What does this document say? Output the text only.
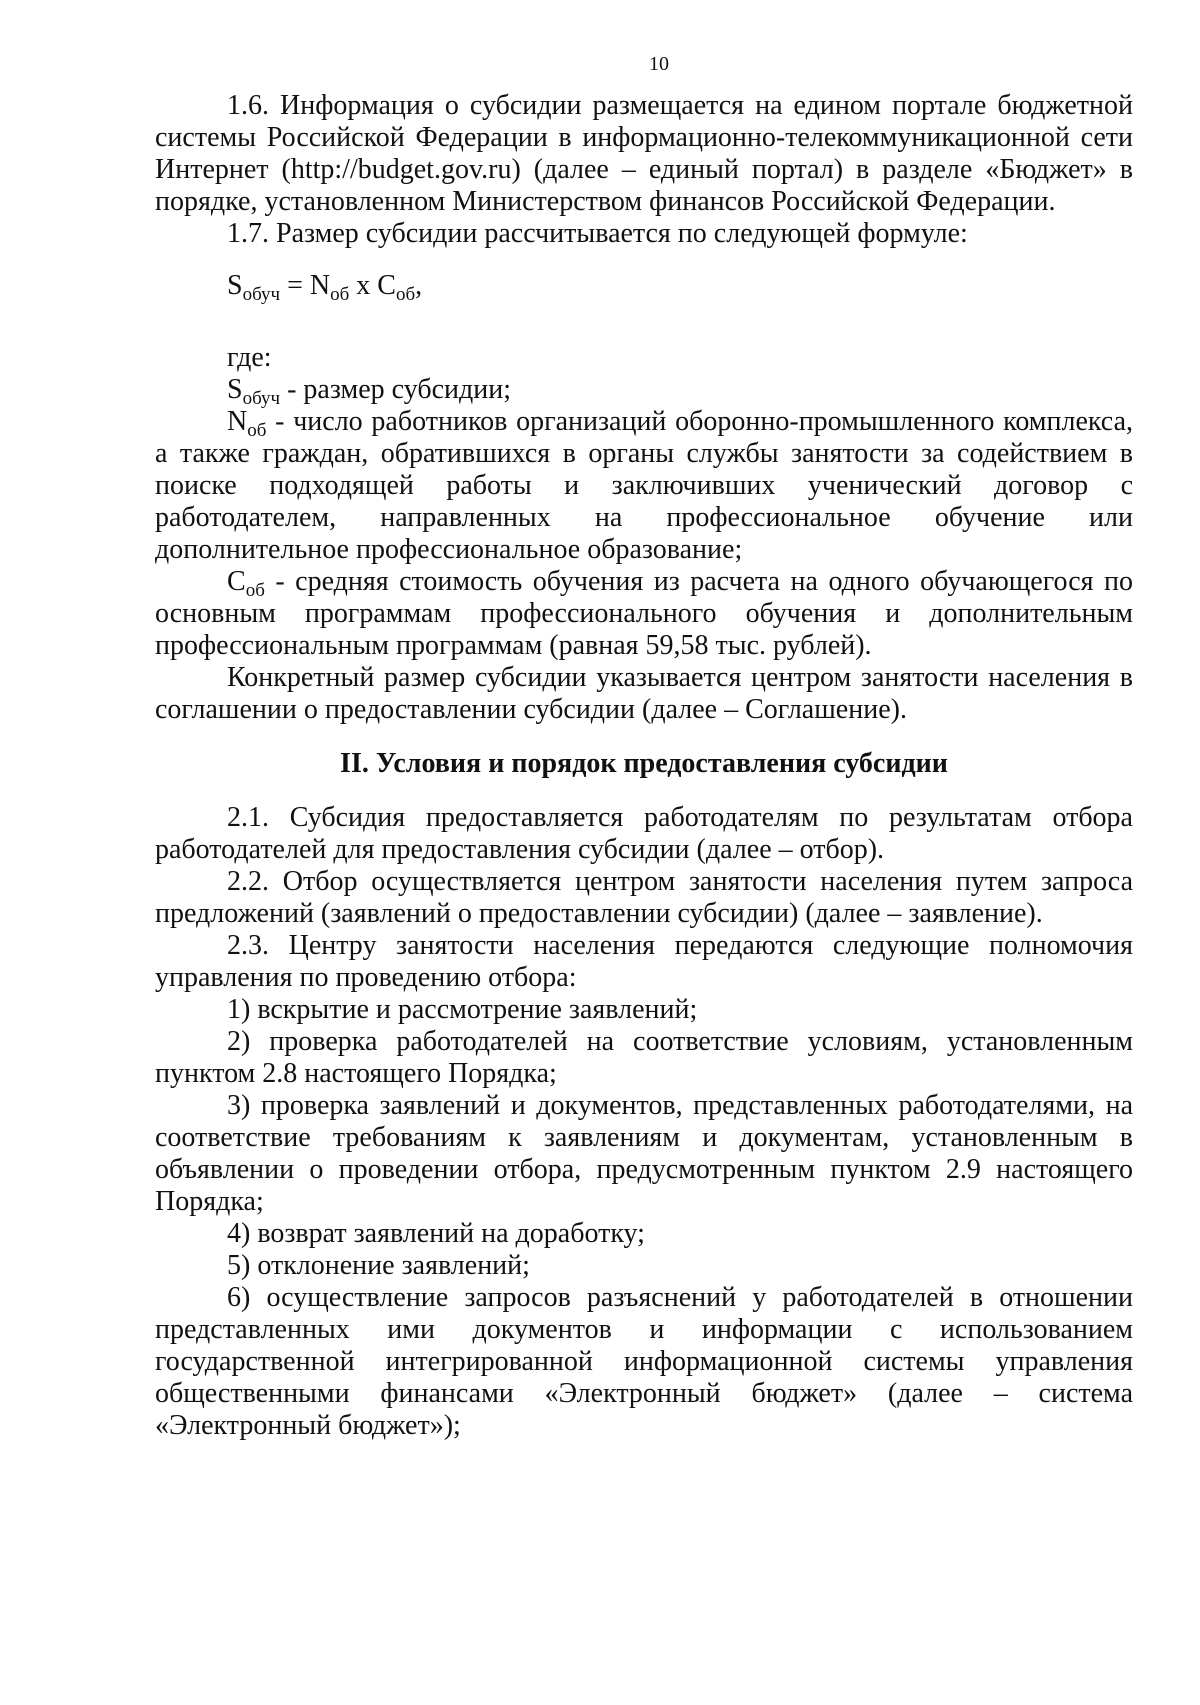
10

1.6. Информация о субсидии размещается на едином портале бюджетной системы Российской Федерации в информационно-телекоммуникационной сети Интернет (http://budget.gov.ru) (далее – единый портал) в разделе «Бюджет» в порядке, установленном Министерством финансов Российской Федерации.

1.7. Размер субсидии рассчитывается по следующей формуле:

$S_{обуч} = N_{об}$ x $C_{об}$,

где:

$S_{обуч}$ - размер субсидии;

$N_{об}$ - число работников организаций оборонно-промышленного комплекса, а также граждан, обратившихся в органы службы занятости за содействием в поиске подходящей работы и заключивших ученический договор с работодателем, направленных на профессиональное обучение или дополнительное профессиональное образование;

$C_{об}$ - средняя стоимость обучения из расчета на одного обучающегося по основным программам профессионального обучения и дополнительным профессиональным программам (равная 59,58 тыс. рублей).

Конкретный размер субсидии указывается центром занятости населения в соглашении о предоставлении субсидии (далее – Соглашение).

II. Условия и порядок предоставления субсидии

2.1. Субсидия предоставляется работодателям по результатам отбора работодателей для предоставления субсидии (далее – отбор).

2.2. Отбор осуществляется центром занятости населения путем запроса предложений (заявлений о предоставлении субсидии) (далее – заявление).

2.3. Центру занятости населения передаются следующие полномочия управления по проведению отбора:

1) вскрытие и рассмотрение заявлений;

2) проверка работодателей на соответствие условиям, установленным пунктом 2.8 настоящего Порядка;

3) проверка заявлений и документов, представленных работодателями, на соответствие требованиям к заявлениям и документам, установленным в объявлении о проведении отбора, предусмотренным пунктом 2.9 настоящего Порядка;

4) возврат заявлений на доработку;

5) отклонение заявлений;

6) осуществление запросов разъяснений у работодателей в отношении представленных ими документов и информации с использованием государственной интегрированной информационной системы управления общественными финансами «Электронный бюджет» (далее – система «Электронный бюджет»);
